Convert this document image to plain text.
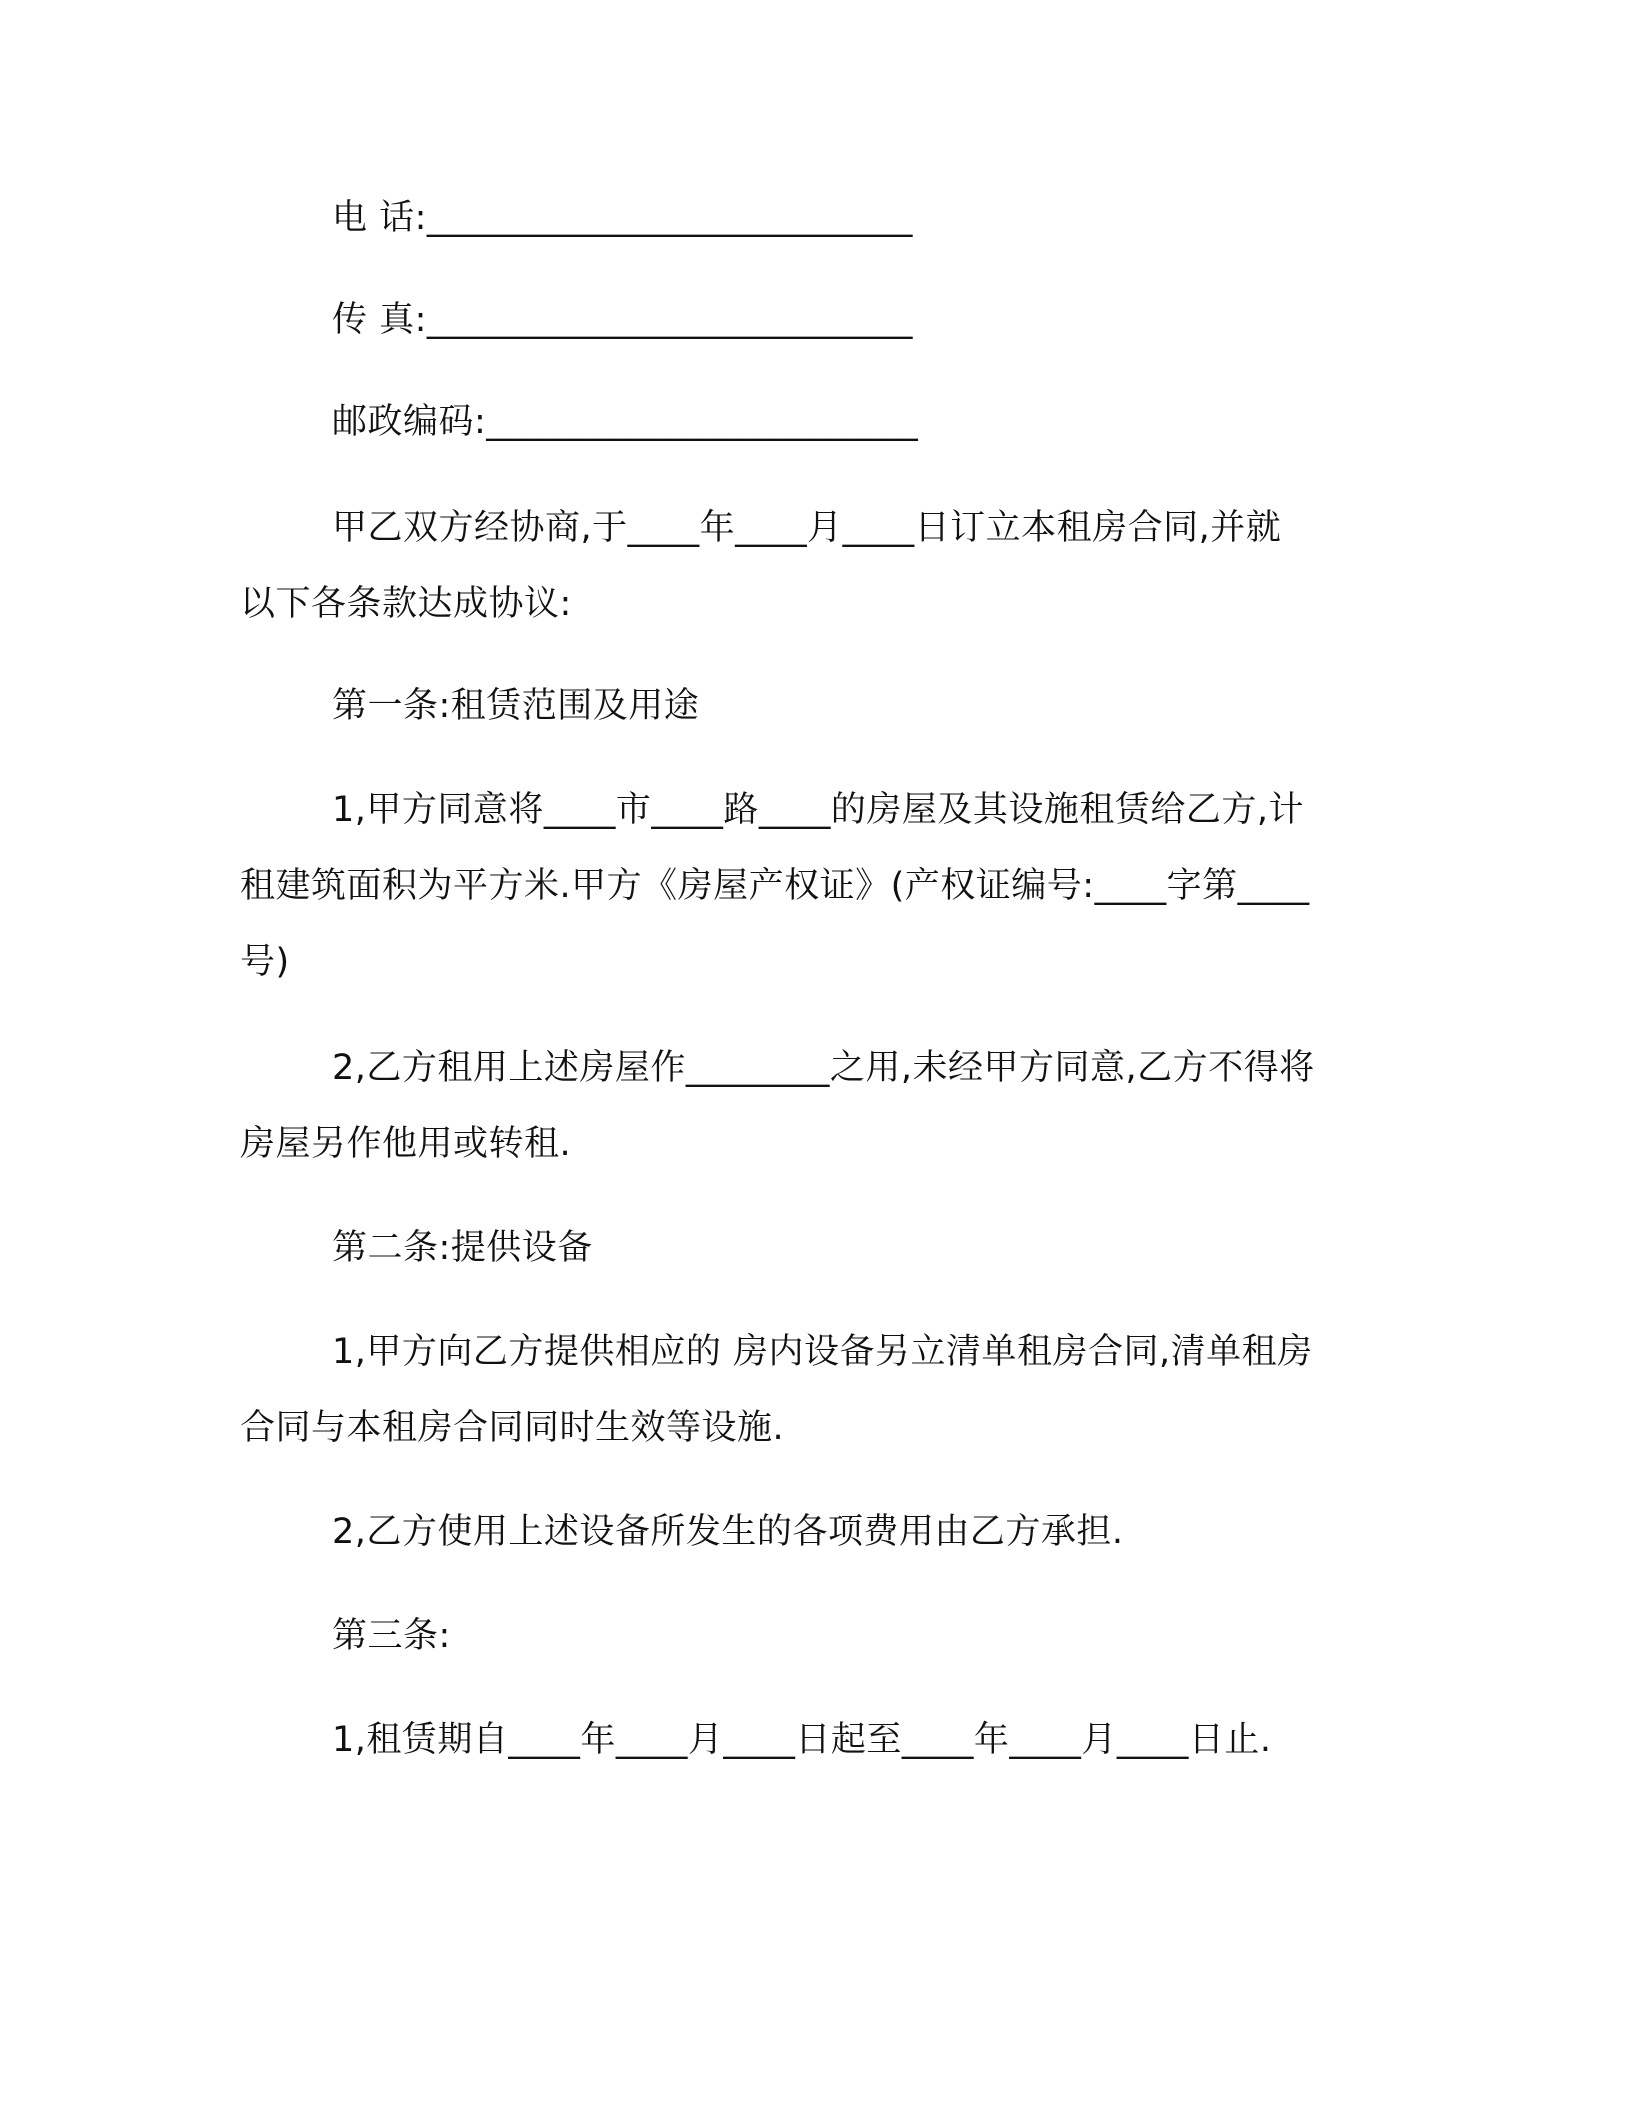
电 话:___________________________
传 真:___________________________
邮政编码:________________________
甲乙双方经协商,于____年____月____日订立本租房合同,并就
以下各条款达成协议:
第一条:租赁范围及用途
1,甲方同意将____市____路____的房屋及其设施租赁给乙方,计
租建筑面积为平方米.甲方《房屋产权证》(产权证编号:____字第____
号)
2,乙方租用上述房屋作________之用,未经甲方同意,乙方不得将
房屋另作他用或转租.
第二条:提供设备
1,甲方向乙方提供相应的 房内设备另立清单租房合同,清单租房
合同与本租房合同同时生效等设施.
2,乙方使用上述设备所发生的各项费用由乙方承担.
第三条:
1,租赁期自____年____月____日起至____年____月____日止.
